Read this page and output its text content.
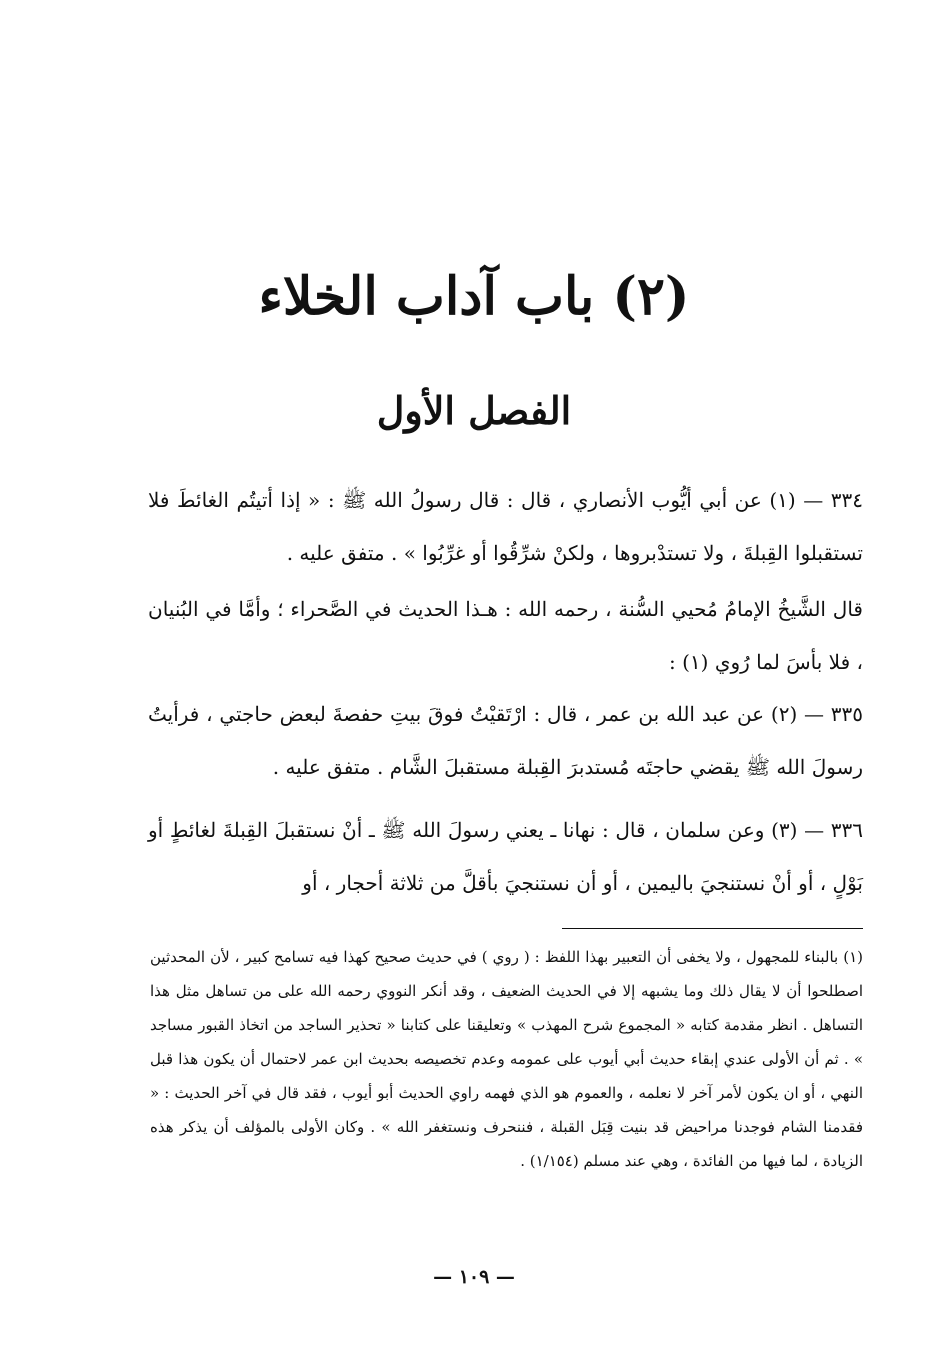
(٢) باب آداب الخلاء
الفصل الأول
٣٣٤ — (١) عن أبي أيُّوب الأنصاري ، قال : قال رسولُ الله ﷺ : « إذا أتيتُم الغائطَ فلا تستقبلوا القِبلةَ ، ولا تستدْبروها ، ولكنْ شرِّقُوا أو غرِّبُوا » . متفق عليه .
قال الشَّيخُ الإمامُ مُحيي السُّنة ، رحمه الله : هـذا الحديث في الصَّحراء ؛ وأمَّا في البُنيان ، فلا بأسَ لما رُوي (١) :
٣٣٥ — (٢) عن عبد الله بن عمر ، قال : ارْتَقيْتُ فوقَ بيتِ حفصةَ لبعض حاجتي ، فرأيتُ رسولَ الله ﷺ يقضي حاجتَه مُستدبرَ القِبلة مستقبلَ الشَّام . متفق عليه .
٣٣٦ — (٣) وعن سلمان ، قال : نهانا ـ يعني رسولَ الله ﷺ ـ أنْ نستقبلَ القِبلةَ لغائطٍ أو بَوْلٍ ، أو أنْ نستنجيَ باليمين ، أو أن نستنجيَ بأقلَّ من ثلاثة أحجار ، أو
(١) بالبناء للمجهول ، ولا يخفى أن التعبير بهذا اللفظ : ( روي ) في حديث صحيح كهذا فيه تسامح كبير ، لأن المحدثين اصطلحوا أن لا يقال ذلك وما يشبهه إلا في الحديث الضعيف ، وقد أنكر النووي رحمه الله على من تساهل مثل هذا التساهل . انظر مقدمة كتابه « المجموع شرح المهذب » وتعليقنا على كتابنا « تحذير الساجد من اتخاذ القبور مساجد » . ثم أن الأولى عندي إبقاء حديث أبي أيوب على عمومه وعدم تخصيصه بحديث ابن عمر لاحتمال أن يكون هذا قبل النهي ، أو ان يكون لأمر آخر لا نعلمه ، والعموم هو الذي فهمه راوي الحديث أبو أيوب ، فقد قال في آخر الحديث : « فقدمنا الشام فوجدنا مراحيض قد بنيت قِبَل القبلة ، فننحرف ونستغفر الله » . وكان الأولى بالمؤلف أن يذكر هذه الزيادة ، لما فيها من الفائدة ، وهي عند مسلم (١/١٥٤) .
— ١٠٩ —
